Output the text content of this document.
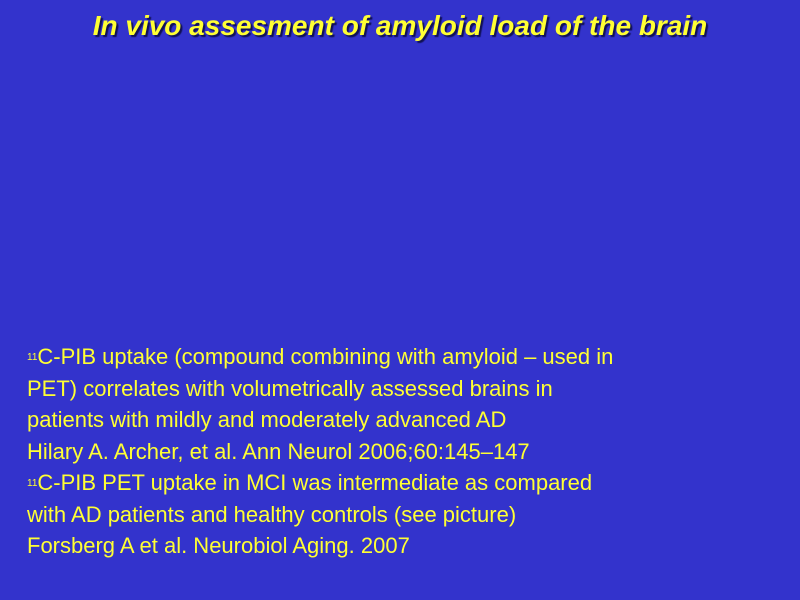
In vivo assesment of amyloid load of the brain
$^{11}$C-PIB uptake (compound combining with amyloid – used in
PET) correlates with volumetrically assessed brains in
patients with mildly and moderately advanced AD
Hilary A. Archer, et al. Ann Neurol 2006;60:145–147
$^{11}$C-PIB PET uptake in MCI was intermediate as compared
with AD patients and healthy controls (see picture)
Forsberg A et al. Neurobiol Aging. 2007
